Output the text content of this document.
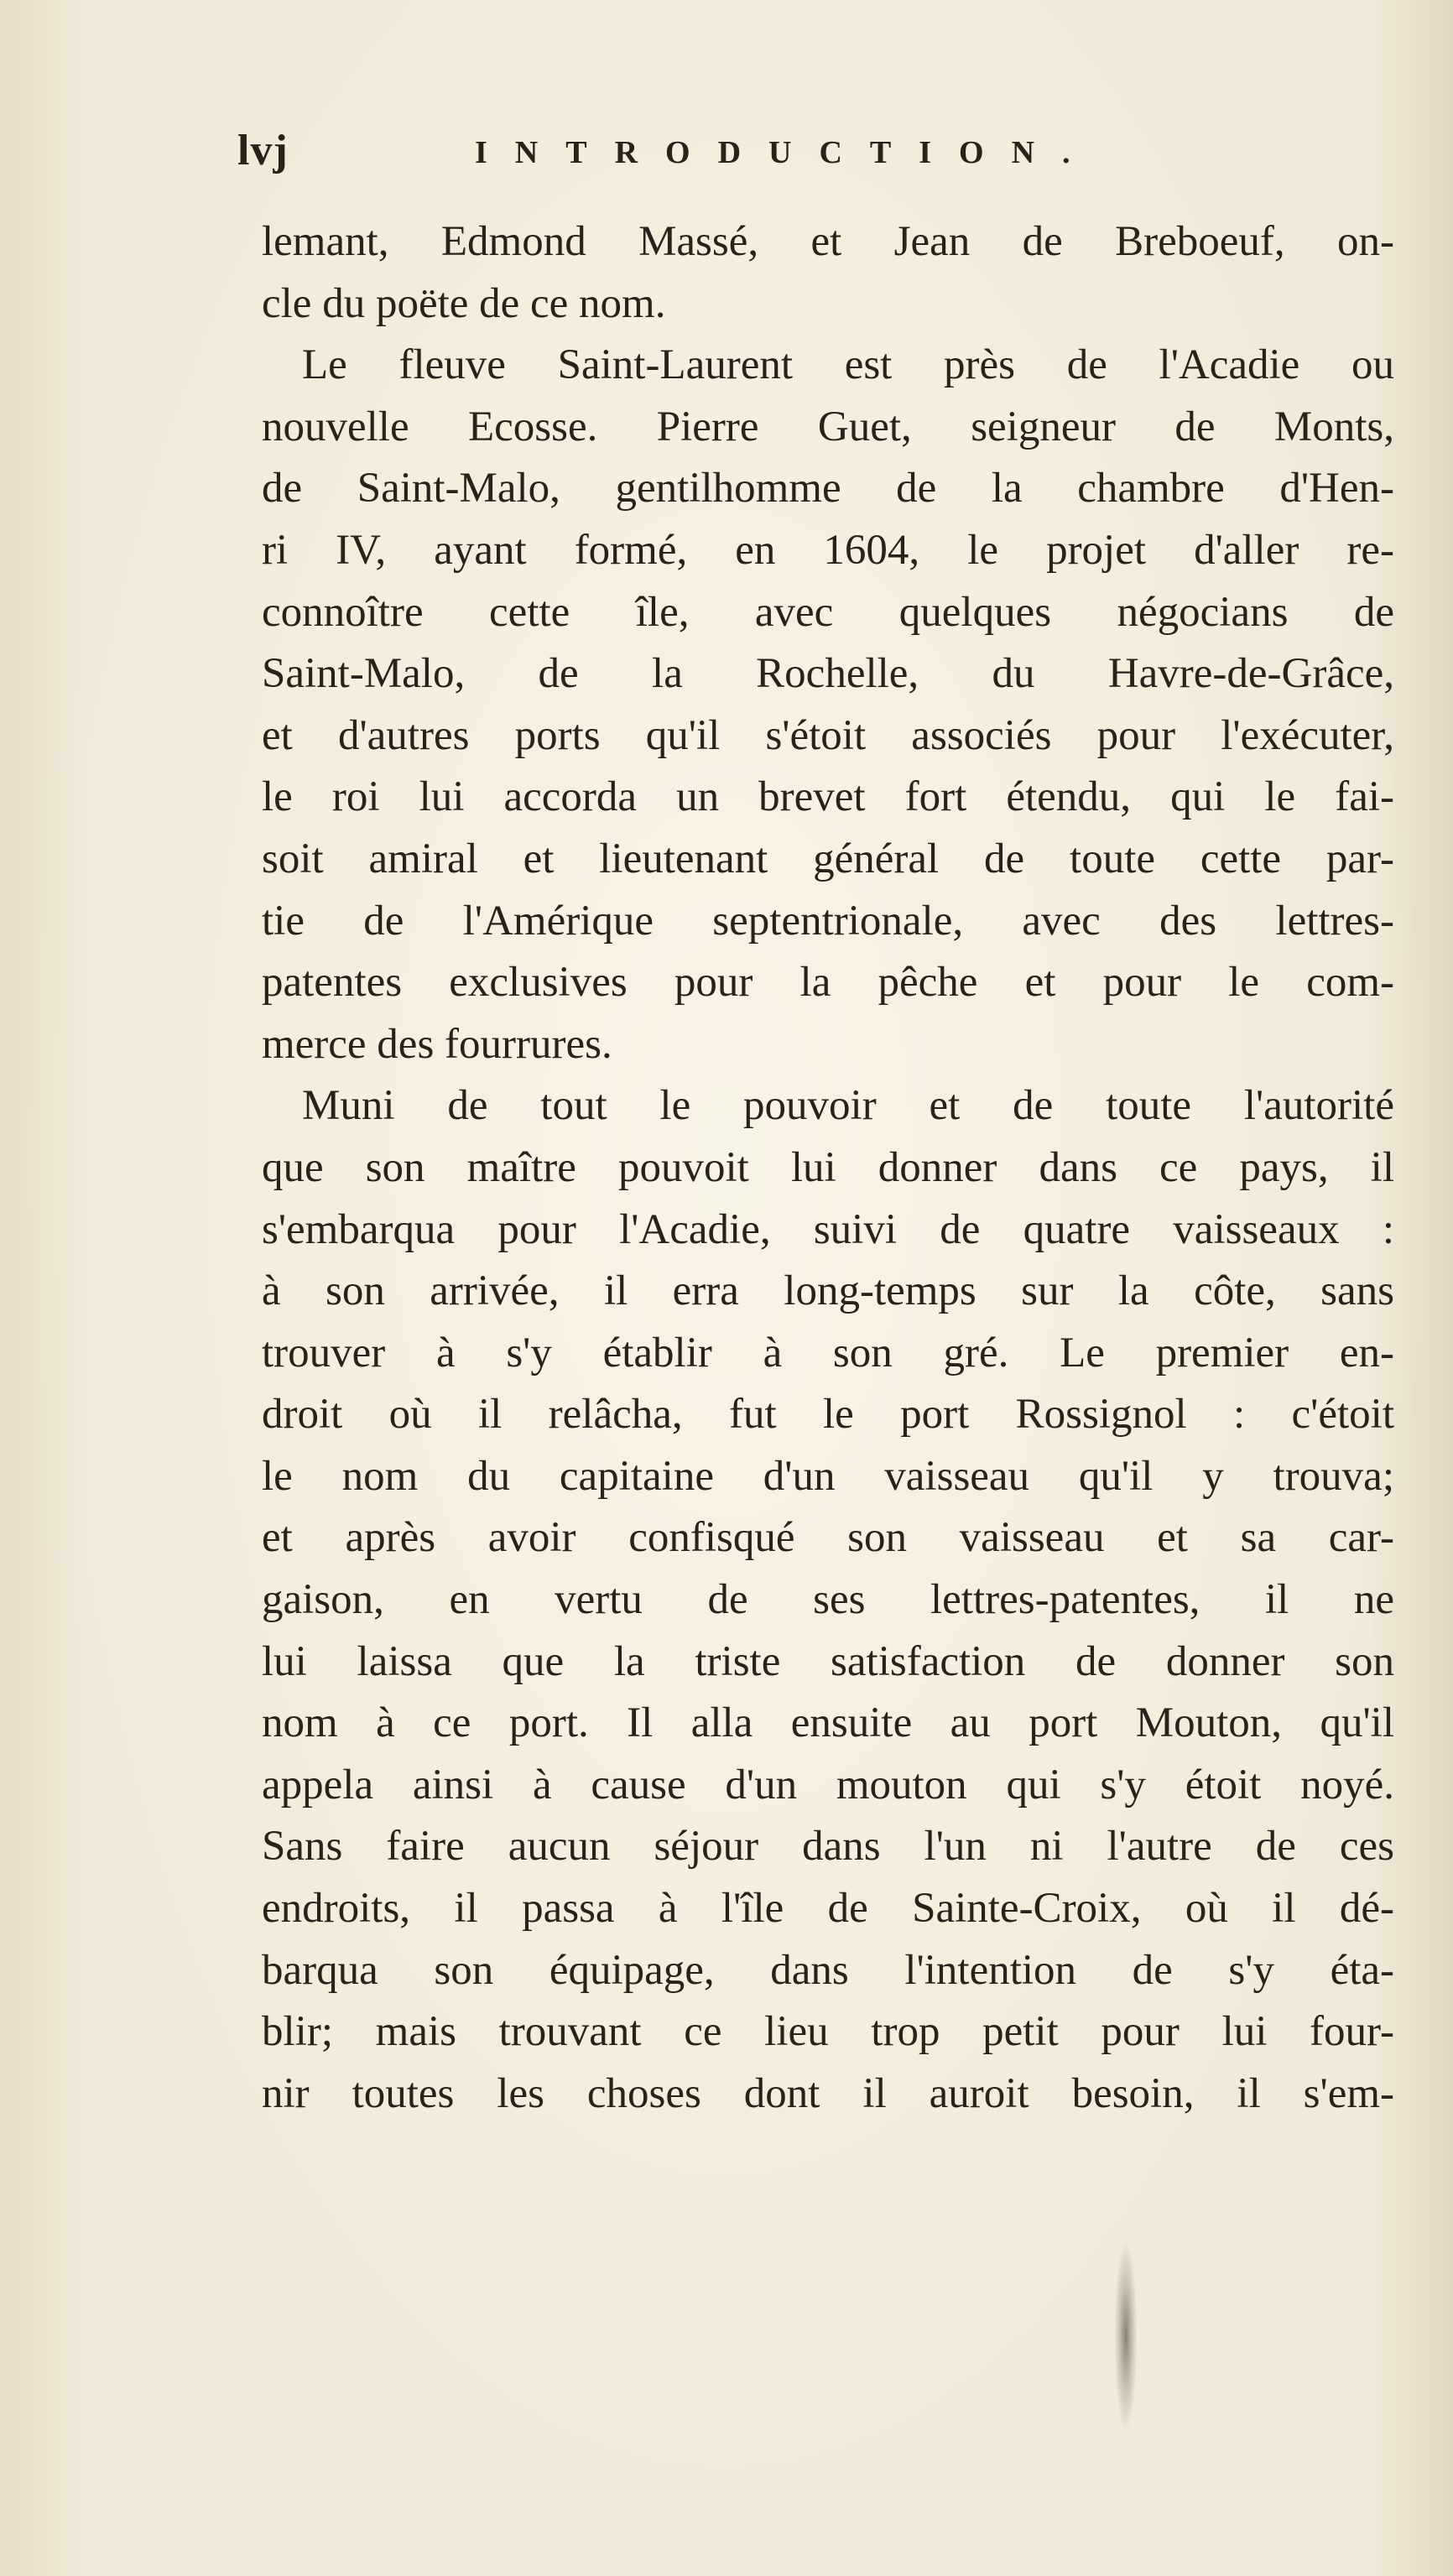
lvj	INTRODUCTION.
lemant, Edmond Massé, et Jean de Breboeuf, on-
cle du poëte de ce nom.
Le fleuve Saint-Laurent est près de l'Acadie ou
nouvelle Ecosse. Pierre Guet, seigneur de Monts,
de Saint-Malo, gentilhomme de la chambre d'Hen-
ri IV, ayant formé, en 1604, le projet d'aller re-
connoître cette île, avec quelques négocians de
Saint-Malo, de la Rochelle, du Havre-de-Grâce,
et d'autres ports qu'il s'étoit associés pour l'exécuter,
le roi lui accorda un brevet fort étendu, qui le fai-
soit amiral et lieutenant général de toute cette par-
tie de l'Amérique septentrionale, avec des lettres-
patentes exclusives pour la pêche et pour le com-
merce des fourrures.
Muni de tout le pouvoir et de toute l'autorité
que son maître pouvoit lui donner dans ce pays, il
s'embarqua pour l'Acadie, suivi de quatre vaisseaux :
à son arrivée, il erra long-temps sur la côte, sans
trouver à s'y établir à son gré. Le premier en-
droit où il relâcha, fut le port Rossignol : c'étoit
le nom du capitaine d'un vaisseau qu'il y trouva;
et après avoir confisqué son vaisseau et sa car-
gaison, en vertu de ses lettres-patentes, il ne
lui laissa que la triste satisfaction de donner son
nom à ce port. Il alla ensuite au port Mouton, qu'il
appela ainsi à cause d'un mouton qui s'y étoit noyé.
Sans faire aucun séjour dans l'un ni l'autre de ces
endroits, il passa à l'île de Sainte-Croix, où il dé-
barqua son équipage, dans l'intention de s'y éta-
blir; mais trouvant ce lieu trop petit pour lui four-
nir toutes les choses dont il auroit besoin, il s'em-
